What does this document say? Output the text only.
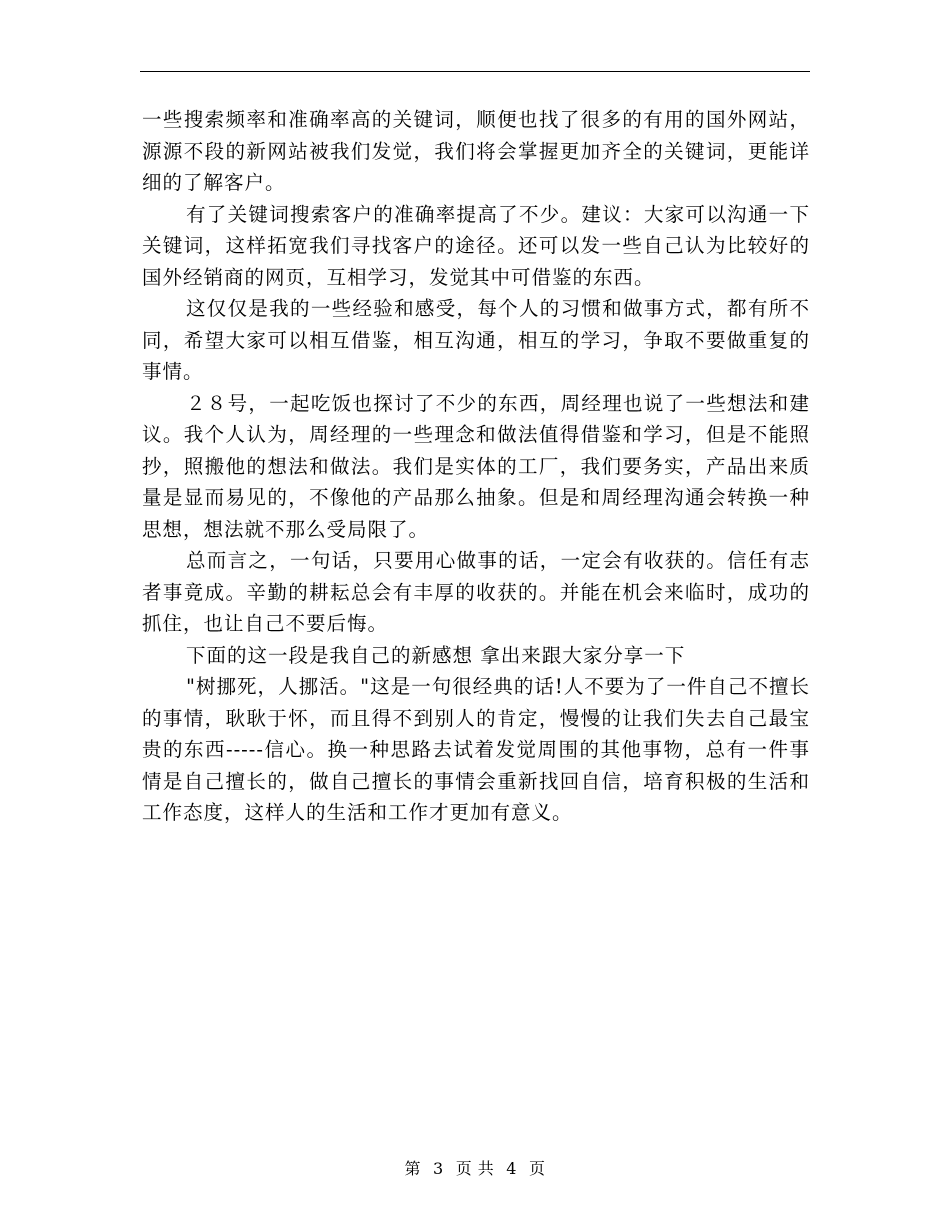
一些搜索频率和准确率高的关键词，顺便也找了很多的有用的国外网站，源源不段的新网站被我们发觉，我们将会掌握更加齐全的关键词，更能详细的了解客户。

有了关键词搜索客户的准确率提高了不少。建议：大家可以沟通一下关键词，这样拓宽我们寻找客户的途径。还可以发一些自己认为比较好的国外经销商的网页，互相学习，发觉其中可借鉴的东西。

这仅仅是我的一些经验和感受，每个人的习惯和做事方式，都有所不同，希望大家可以相互借鉴，相互沟通，相互的学习，争取不要做重复的事情。

２８号，一起吃饭也探讨了不少的东西，周经理也说了一些想法和建议。我个人认为，周经理的一些理念和做法值得借鉴和学习，但是不能照抄，照搬他的想法和做法。我们是实体的工厂，我们要务实，产品出来质量是显而易见的，不像他的产品那么抽象。但是和周经理沟通会转换一种思想，想法就不那么受局限了。

总而言之，一句话，只要用心做事的话，一定会有收获的。信任有志者事竟成。辛勤的耕耘总会有丰厚的收获的。并能在机会来临时，成功的抓住，也让自己不要后悔。

下面的这一段是我自己的新感想 拿出来跟大家分享一下

"树挪死，人挪活。"这是一句很经典的话!人不要为了一件自己不擅长的事情，耿耿于怀，而且得不到别人的肯定，慢慢的让我们失去自己最宝贵的东西-----信心。换一种思路去试着发觉周围的其他事物，总有一件事情是自己擅长的，做自己擅长的事情会重新找回自信，培育积极的生活和工作态度，这样人的生活和工作才更加有意义。

第 3 页 共 4 页
